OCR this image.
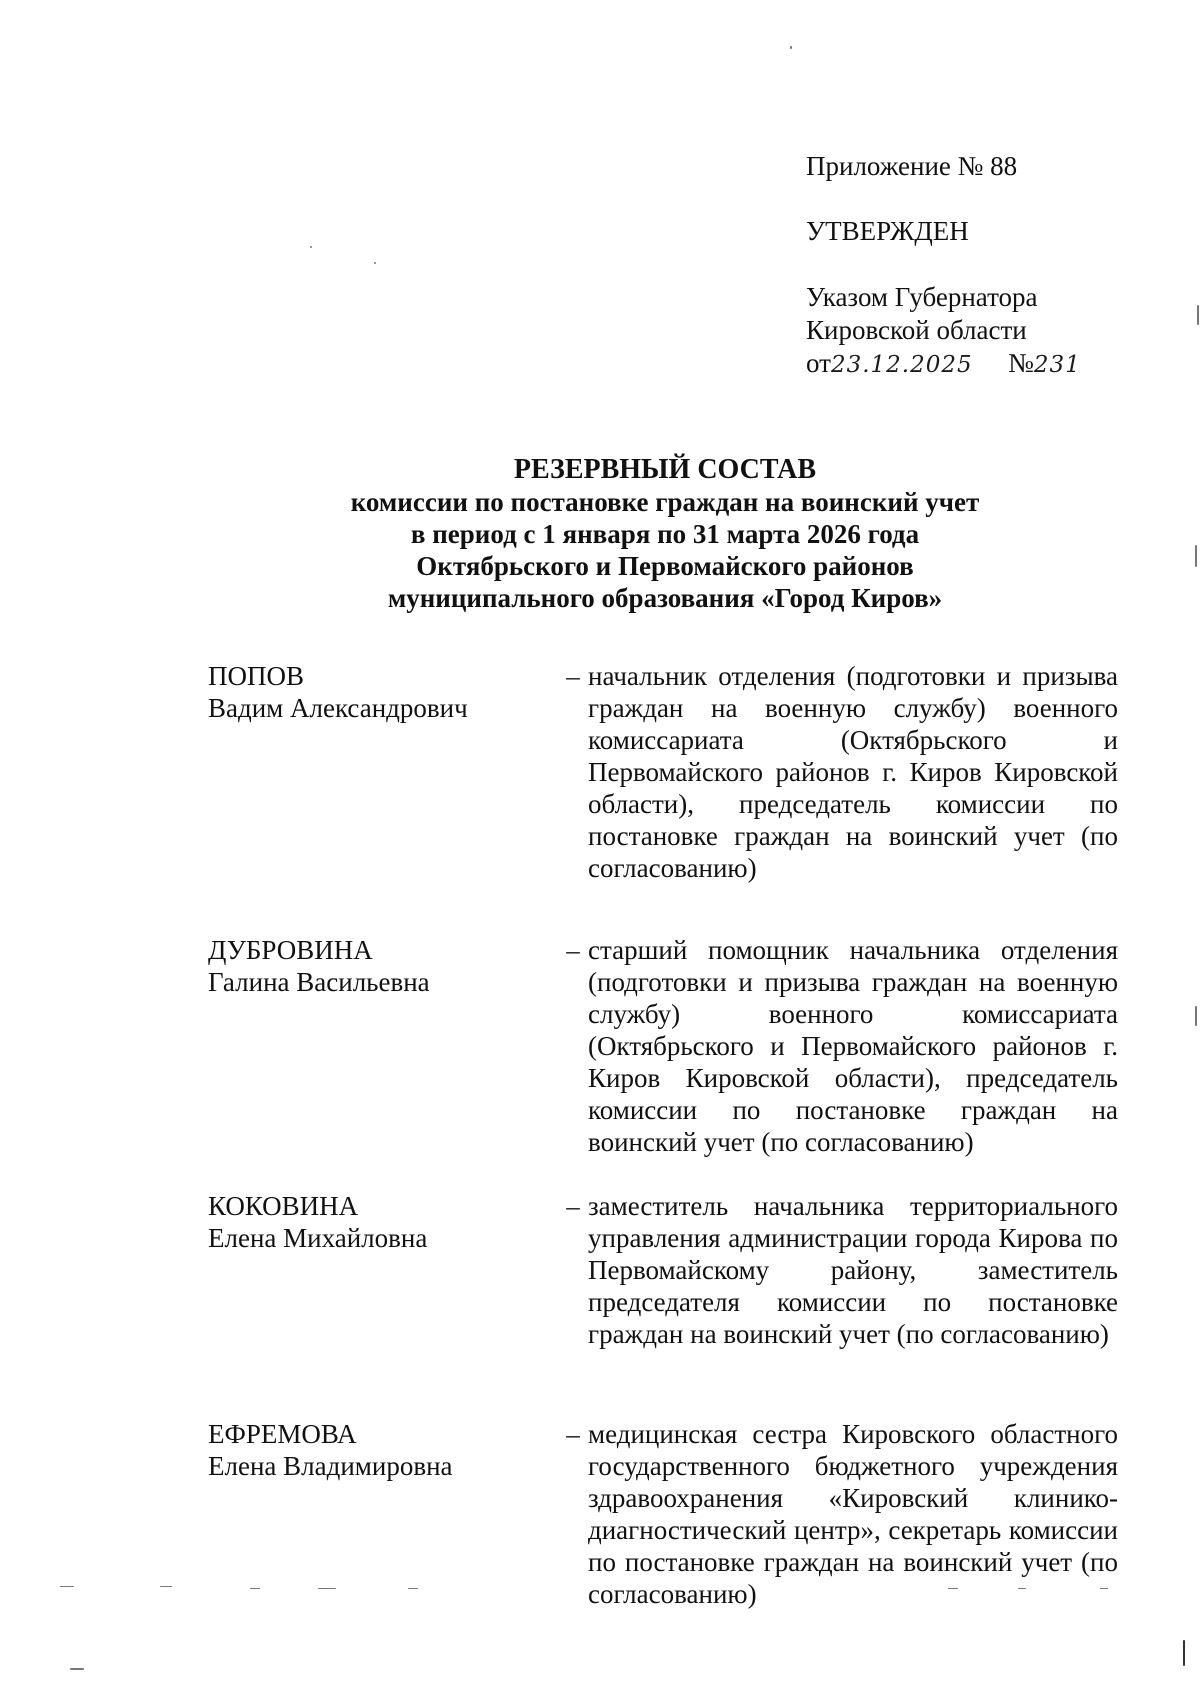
Приложение № 88
УТВЕРЖДЕН
Указом Губернатора
Кировской области
от23.12.2025 №231
РЕЗЕРВНЫЙ СОСТАВ
комиссии по постановке граждан на воинский учет
в период с 1 января по 31 марта 2026 года
Октябрьского и Первомайского районов
муниципального образования «Город Киров»
ПОПОВ
Вадим Александрович
– начальник отделения (подготовки и призыва граждан на военную службу) военного комиссариата (Октябрьского и Первомайского районов г. Киров Кировской области), председатель комиссии по постановке граждан на воинский учет (по согласованию)
ДУБРОВИНА
Галина Васильевна
– старший помощник начальника отделения (подготовки и призыва граждан на военную службу) военного комиссариата (Октябрьского и Первомайского районов г. Киров Кировской области), председатель комиссии по постановке граждан на воинский учет (по согласованию)
КОКОВИНА
Елена Михайловна
– заместитель начальника территориального управления администрации города Кирова по Первомайскому району, заместитель председателя комиссии по постановке граждан на воинский учет (по согласованию)
ЕФРЕМОВА
Елена Владимировна
– медицинская сестра Кировского областного государственного бюджетного учреждения здравоохранения «Кировский клинико-диагностический центр», секретарь комиссии по постановке граждан на воинский учет (по согласованию)
